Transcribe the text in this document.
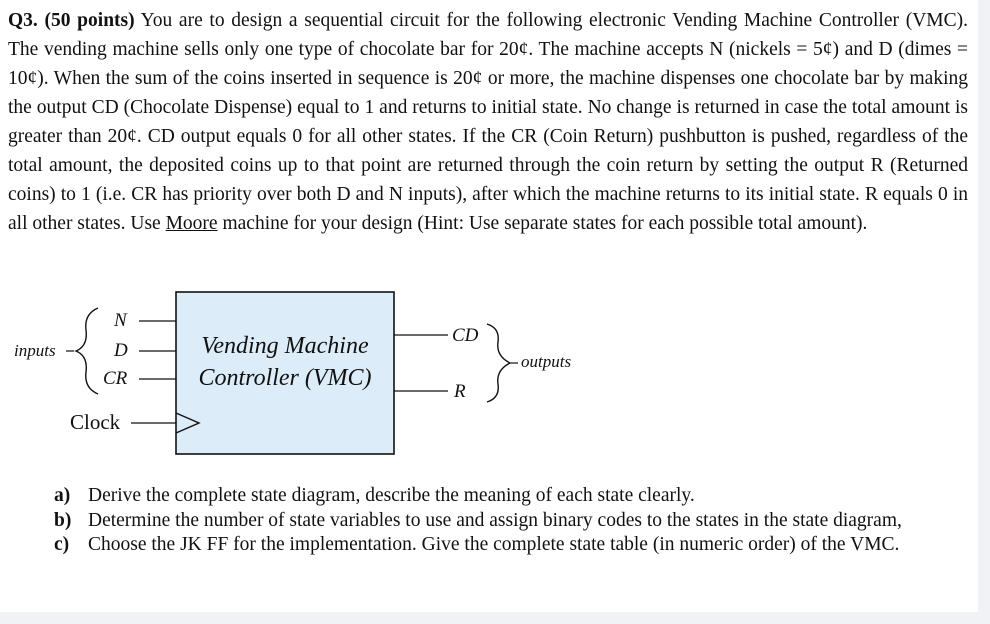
Q3. (50 points) You are to design a sequential circuit for the following electronic Vending Machine Controller (VMC). The vending machine sells only one type of chocolate bar for 20¢. The machine accepts N (nickels = 5¢) and D (dimes = 10¢). When the sum of the coins inserted in sequence is 20¢ or more, the machine dispenses one chocolate bar by making the output CD (Chocolate Dispense) equal to 1 and returns to initial state. No change is returned in case the total amount is greater than 20¢. CD output equals 0 for all other states. If the CR (Coin Return) pushbutton is pushed, regardless of the total amount, the deposited coins up to that point are returned through the coin return by setting the output R (Returned coins) to 1 (i.e. CR has priority over both D and N inputs), after which the machine returns to its initial state. R equals 0 in all other states. Use Moore machine for your design (Hint: Use separate states for each possible total amount).

inputs
N
D
CR
Clock
Vending Machine
Controller (VMC)
CD
R
outputs
a) Derive the complete state diagram, describe the meaning of each state clearly.
b) Determine the number of state variables to use and assign binary codes to the states in the state diagram,
c) Choose the JK FF for the implementation. Give the complete state table (in numeric order) of the VMC.
